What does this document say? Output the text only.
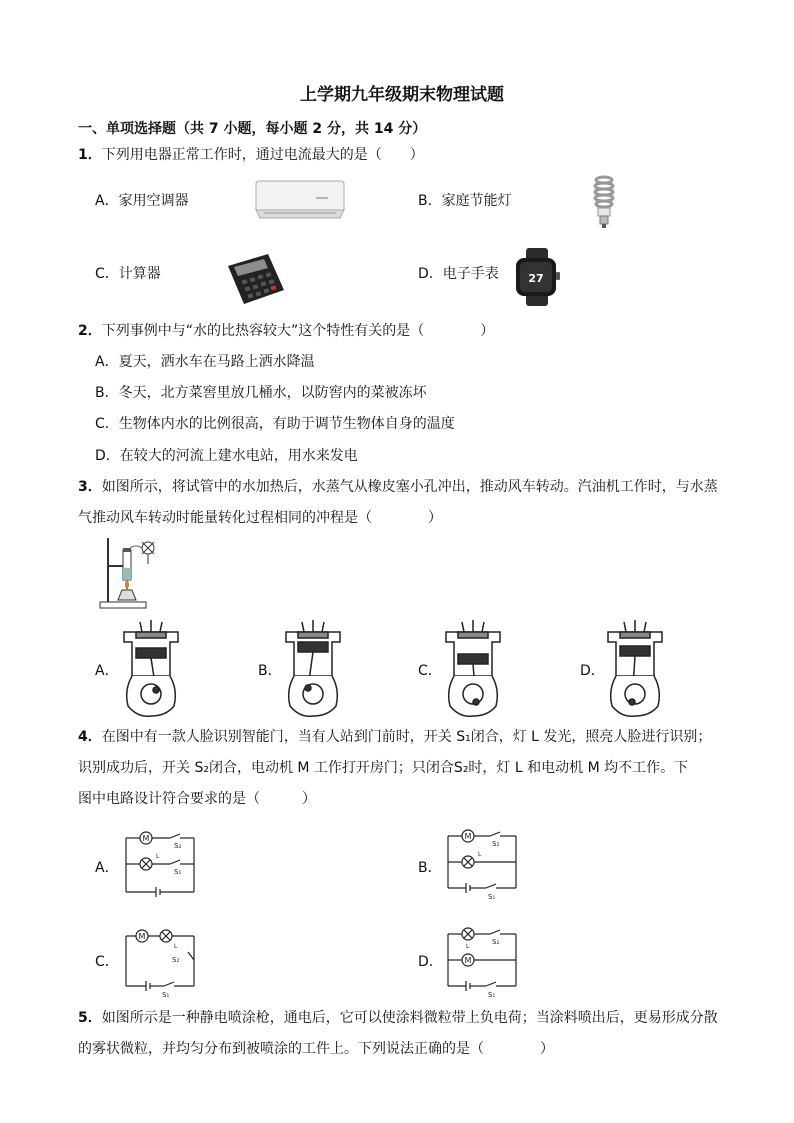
上学期九年级期末物理试题
一、单项选择题（共 7 小题，每小题 2 分，共 14 分）
1．下列用电器正常工作时，通过电流最大的是（　　）
A．家用空调器	B．家庭节能灯
C．计算器	D．电子手表	27
2．下列事例中与“水的比热容较大”这个特性有关的是（　　　　）
A．夏天，洒水车在马路上洒水降温
B．冬天，北方菜窖里放几桶水，以防窖内的菜被冻坏
C．生物体内水的比例很高，有助于调节生物体自身的温度
D．在较大的河流上建水电站，用水来发电
3．如图所示，将试管中的水加热后，水蒸气从橡皮塞小孔冲出，推动风车转动。汽油机工作时，与水蒸
气推动风车转动时能量转化过程相同的冲程是（　　　　）
A．	B．	C．	D．
4．在图中有一款人脸识别智能门，当有人站到门前时，开关 S₁闭合，灯 L 发光，照亮人脸进行识别；
识别成功后，开关 S₂闭合，电动机 M 工作打开房门；只闭合S₂时，灯 L 和电动机 M 均不工作。下
图中电路设计符合要求的是（　　　）
A．	B．
C．	D．
M
S₂
L
S₁
M
S₂
L
S₁
M
L
S₂
S₁
L
S₂
M
S₁
5．如图所示是一种静电喷涂枪，通电后，它可以使涂料微粒带上负电荷；当涂料喷出后，更易形成分散
的雾状微粒，并均匀分布到被喷涂的工件上。下列说法正确的是（　　　　）
